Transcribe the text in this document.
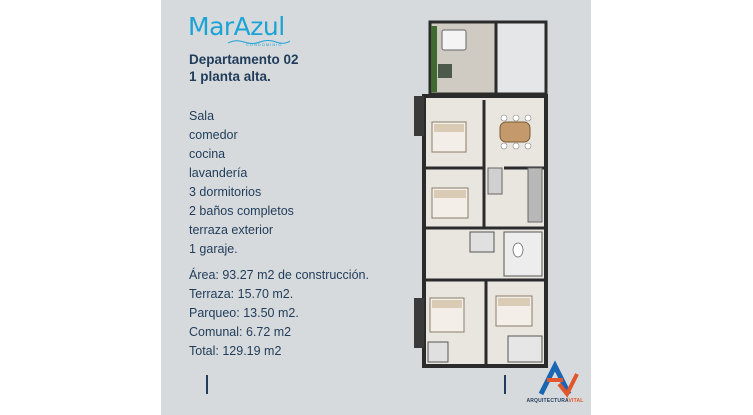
MarAzul
CONDOMINIO
Departamento 02
1 planta alta.
Sala
comedor
cocina
lavandería
3 dormitorios
2 baños completos
terraza exterior
1 garaje.
Área: 93.27 m2 de construcción.
Terraza: 15.70 m2.
Parqueo: 13.50 m2.
Comunal: 6.72 m2
Total: 129.19 m2
ARQUITECTURAVITAL
